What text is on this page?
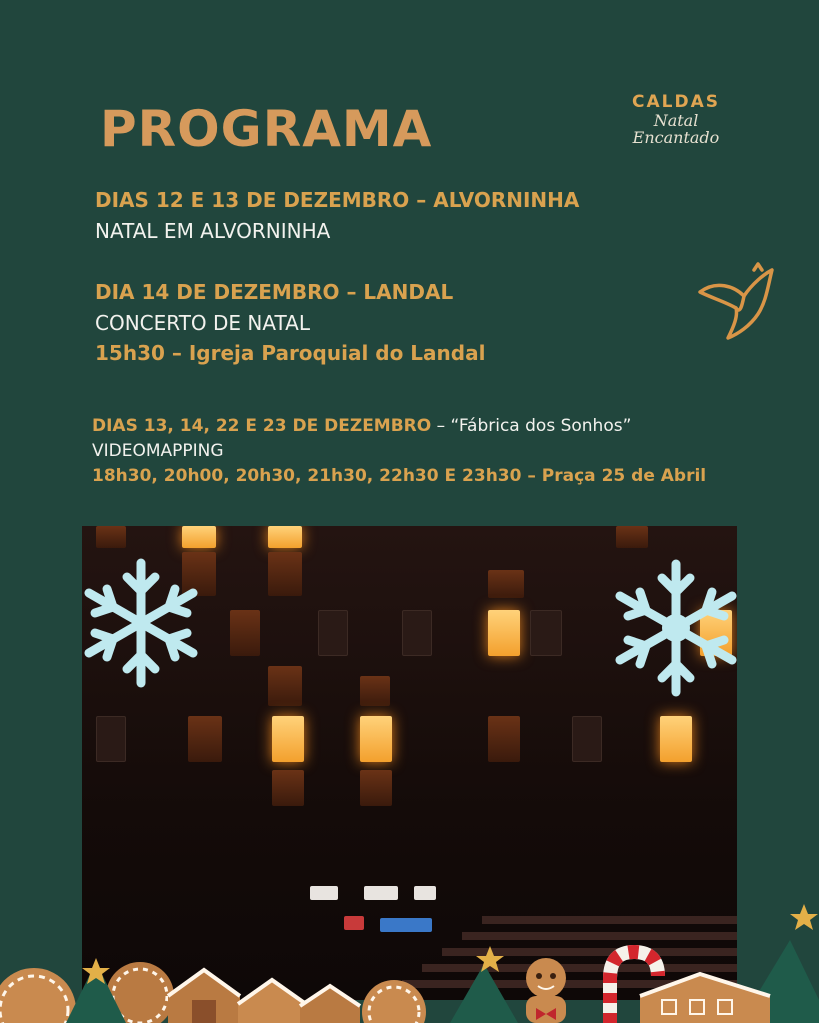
PROGRAMA	CALDAS
Natal
Encantado
DIAS 12 E 13 DE DEZEMBRO – ALVORNINHA
NATAL EM ALVORNINHA
DIA 14 DE DEZEMBRO – LANDAL
CONCERTO DE NATAL
15h30 – Igreja Paroquial do Landal
DIAS 13, 14, 22 E 23 DE DEZEMBRO – “Fábrica dos Sonhos”
VIDEOMAPPING
18h30, 20h00, 20h30, 21h30, 22h30 E 23h30 – Praça 25 de Abril
